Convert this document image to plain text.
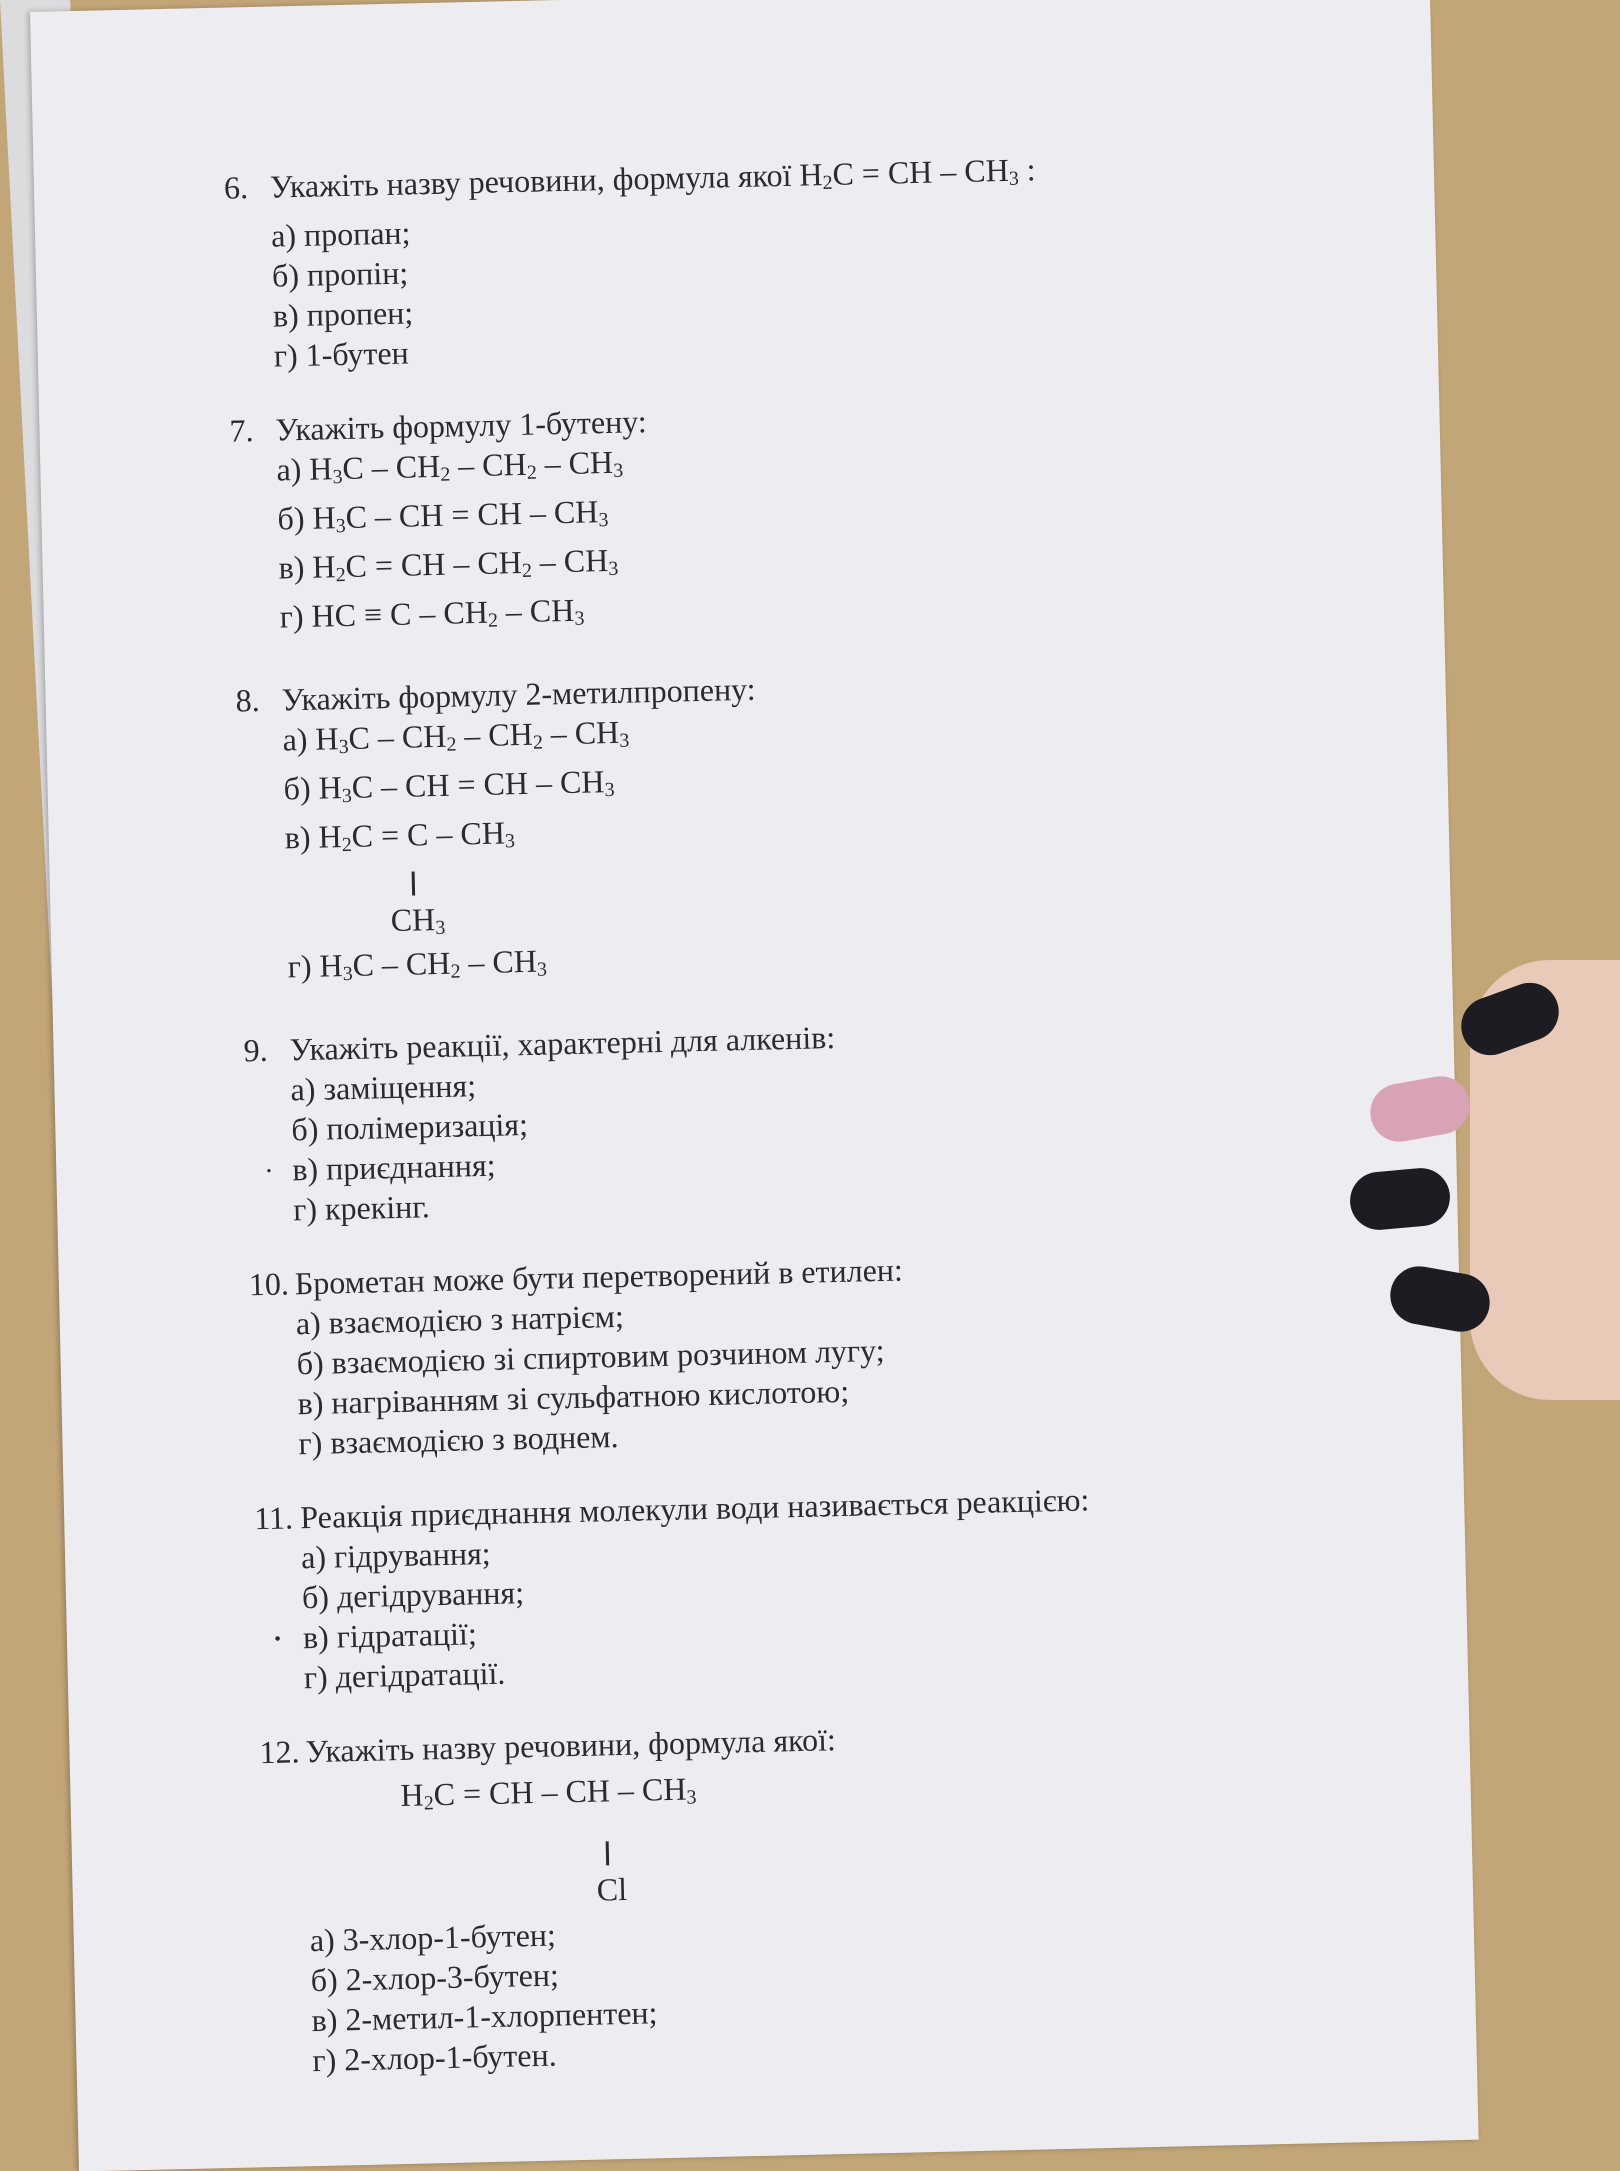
6. Укажіть назву речовини, формула якої $H_2C$ = CH – $CH_3$ :
а) пропан;
б) пропін;
в) пропен;
г) 1-бутен
7. Укажіть формулу 1-бутену:
а) $H_3C - CH_2 - CH_2 - CH_3$
б) $H_3C$ – CH = CH – $CH_3$
в) $H_2C$ = CH – $CH_2 - CH_3$
г) HC ≡ C – $CH_2 - CH_3$
8. Укажіть формулу 2-метилпропену:
а) $H_3C - CH_2 - CH_2 - CH_3$
б) $H_3C$ – CH = CH – $CH_3$
в) $H_2C = C - CH_3$
$CH_3$
г) $H_3C - CH_2 - CH_3$
9. Укажіть реакції, характерні для алкенів:
а) заміщення;
б) полімеризація;
· в) приєднання;
г) крекінг.
10. Брометан може бути перетворений в етилен:
а) взаємодією з натрієм;
б) взаємодією зі спиртовим розчином лугу;
в) нагріванням зі сульфатною кислотою;
г) взаємодією з воднем.
11. Реакція приєднання молекули води називається реакцією:
а) гідрування;
б) дегідрування;
· в) гідратації;
г) дегідратації.
12. Укажіть назву речовини, формула якої:
$H_2C$ = CH – CH – $CH_3$
Cl
а) 3-хлор-1-бутен;
б) 2-хлор-3-бутен;
в) 2-метил-1-хлорпентен;
г) 2-хлор-1-бутен.
